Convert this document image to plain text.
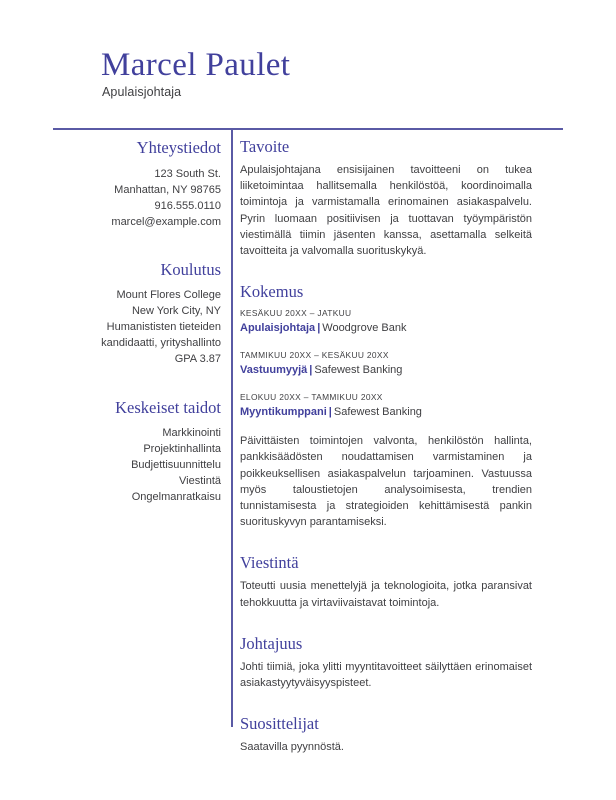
Marcel Paulet
Apulaisjohtaja
Yhteystiedot
123 South St.
Manhattan, NY 98765
916.555.0110
marcel@example.com
Koulutus
Mount Flores College
New York City, NY
Humanististen tieteiden
kandidaatti, yrityshallinto
GPA 3.87
Keskeiset taidot
Markkinointi
Projektinhallinta
Budjettisuunnittelu
Viestintä
Ongelmanratkaisu
Tavoite

Apulaisjohtajana ensisijainen tavoitteeni on tukea liiketoimintaa hallitsemalla henkilöstöä, koordinoimalla toimintoja ja varmistamalla erinomainen asiakaspalvelu. Pyrin luomaan positiivisen ja tuottavan työympäristön viestimällä tiimin jäsenten kanssa, asettamalla selkeitä tavoitteita ja valvomalla suorituskykyä.

Kokemus
KESÄKUU 20XX – JATKUU
Apulaisjohtaja | Woodgrove Bank
TAMMIKUU 20XX – KESÄKUU 20XX
Vastuumyyjä | Safewest Banking
ELOKUU 20XX – TAMMIKUU 20XX
Myyntikumppani | Safewest Banking

Päivittäisten toimintojen valvonta, henkilöstön hallinta, pankkisäädösten noudattamisen varmistaminen ja poikkeuksellisen asiakaspalvelun tarjoaminen. Vastuussa myös taloustietojen analysoimisesta, trendien tunnistamisesta ja strategioiden kehittämisestä pankin suorituskyvyn parantamiseksi.

Viestintä

Toteutti uusia menettelyjä ja teknologioita, jotka paransivat tehokkuutta ja virtaviivaistavat toimintoja.

Johtajuus

Johti tiimiä, joka ylitti myyntitavoitteet säilyttäen erinomaiset asiakastyytyväisyyspisteet.

Suosittelijat

Saatavilla pyynnöstä.
